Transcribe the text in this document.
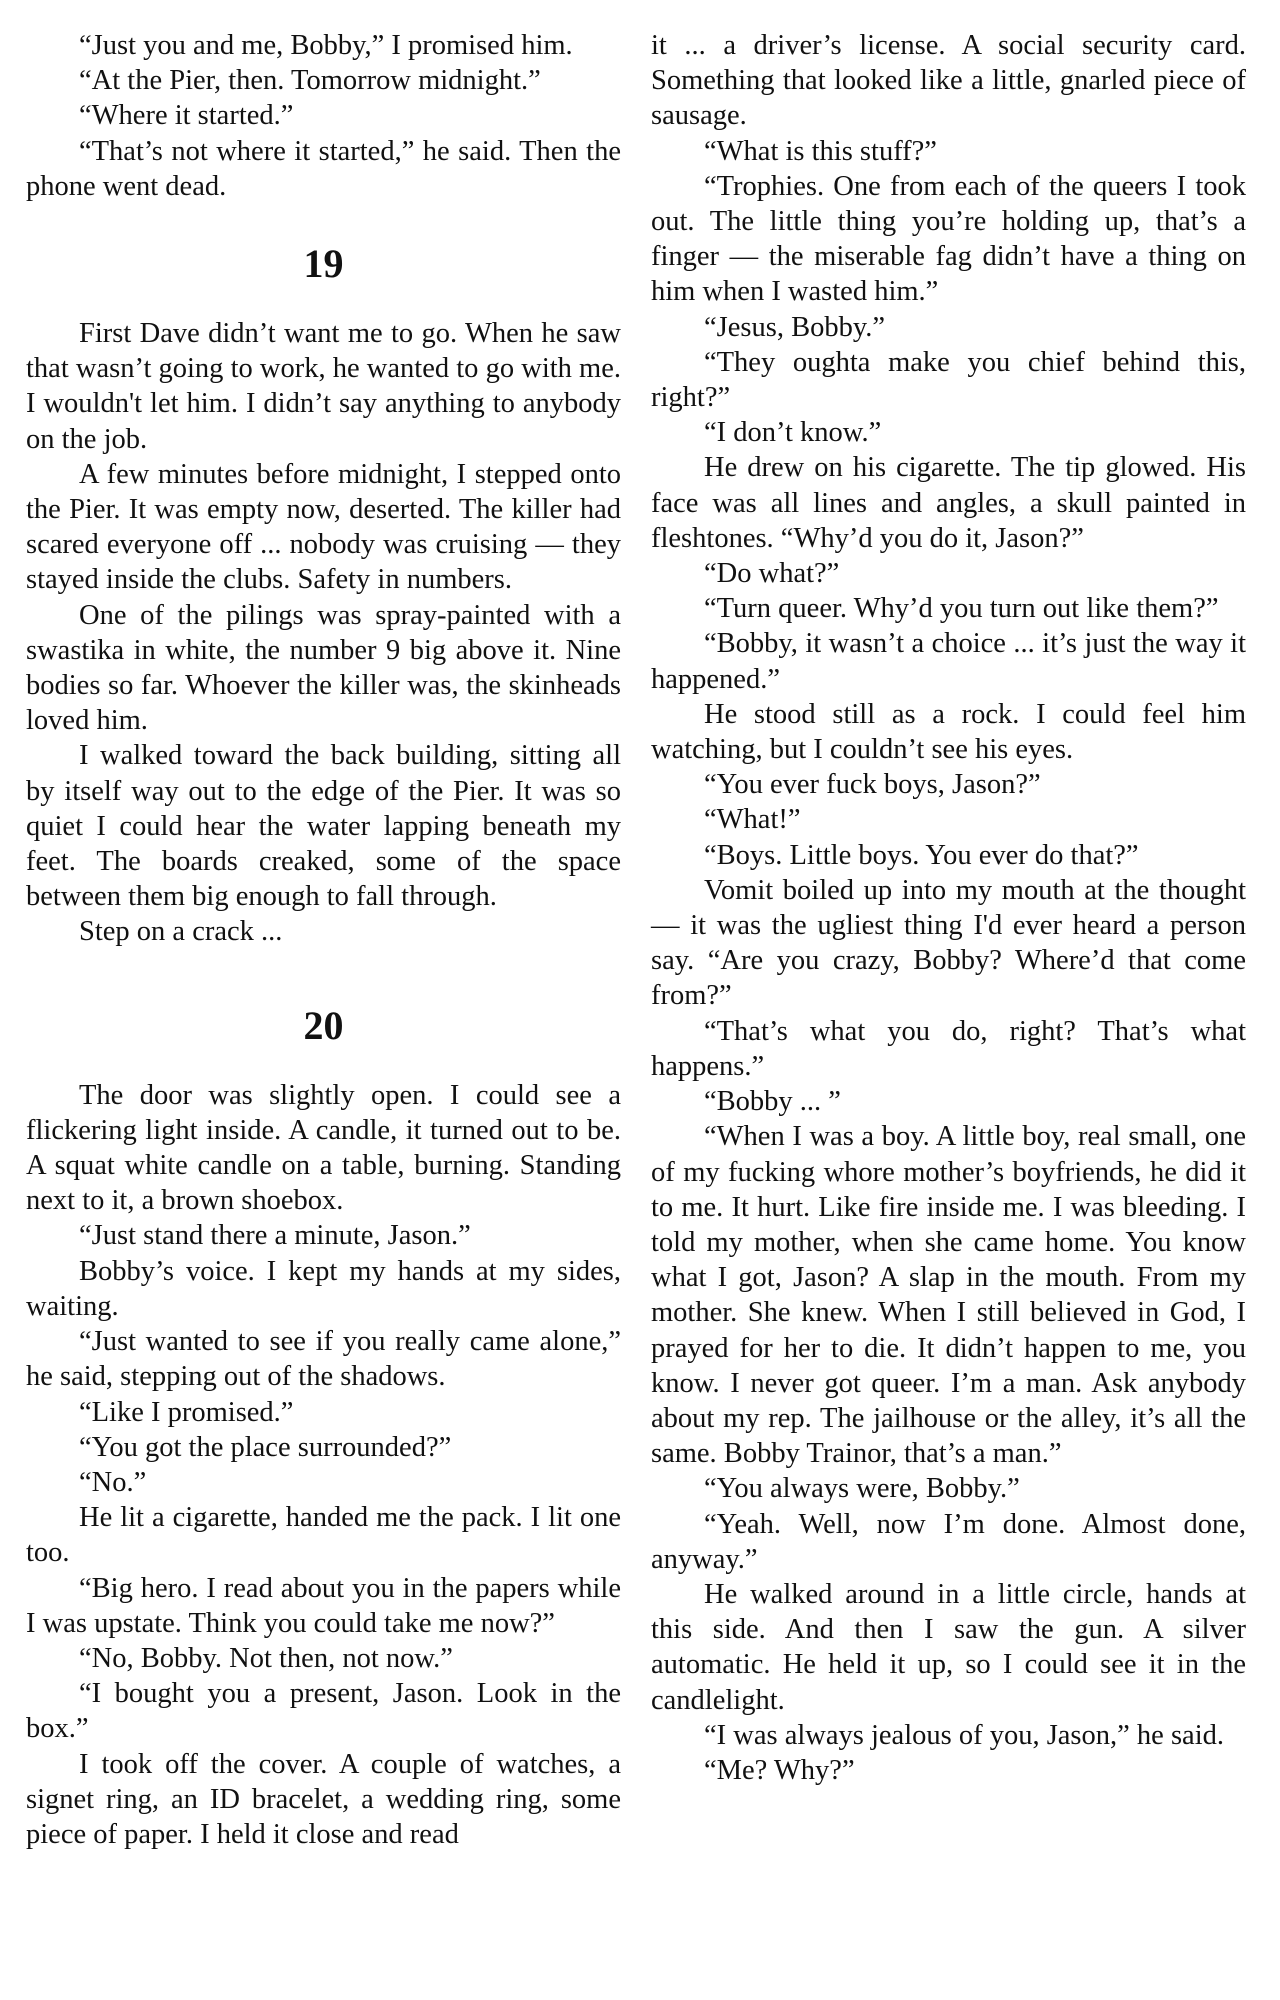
“Just you and me, Bobby,” I promised him.

“At the Pier, then. Tomorrow midnight.”

“Where it started.”

“That’s not where it started,” he said. Then the phone went dead.

19

First Dave didn’t want me to go. When he saw that wasn’t going to work, he wanted to go with me. I wouldn't let him. I didn’t say anything to anybody on the job.

A few minutes before midnight, I stepped onto the Pier. It was empty now, deserted. The killer had scared everyone off ... nobody was cruising — they stayed inside the clubs. Safety in numbers.

One of the pilings was spray-painted with a swastika in white, the number 9 big above it. Nine bodies so far. Whoever the killer was, the skinheads loved him.

I walked toward the back building, sitting all by itself way out to the edge of the Pier. It was so quiet I could hear the water lapping beneath my feet. The boards creaked, some of the space between them big enough to fall through.

Step on a crack ...

20

The door was slightly open. I could see a flickering light inside. A candle, it turned out to be. A squat white candle on a table, burning. Standing next to it, a brown shoebox.

“Just stand there a minute, Jason.”

Bobby’s voice. I kept my hands at my sides, waiting.

“Just wanted to see if you really came alone,” he said, stepping out of the shadows.

“Like I promised.”

“You got the place surrounded?”

“No.”

He lit a cigarette, handed me the pack. I lit one too.

“Big hero. I read about you in the papers while I was upstate. Think you could take me now?”

“No, Bobby. Not then, not now.”

“I bought you a present, Jason. Look in the box.”

I took off the cover. A couple of watches, a signet ring, an ID bracelet, a wedding ring, some piece of paper. I held it close and read

it ... a driver’s license. A social security card. Something that looked like a little, gnarled piece of sausage.

“What is this stuff?”

“Trophies. One from each of the queers I took out. The little thing you’re holding up, that’s a finger — the miserable fag didn’t have a thing on him when I wasted him.”

“Jesus, Bobby.”

“They oughta make you chief behind this, right?”

“I don’t know.”

He drew on his cigarette. The tip glowed. His face was all lines and angles, a skull painted in fleshtones. “Why’d you do it, Jason?”

“Do what?”

“Turn queer. Why’d you turn out like them?”

“Bobby, it wasn’t a choice ... it’s just the way it happened.”

He stood still as a rock. I could feel him watching, but I couldn’t see his eyes.

“You ever fuck boys, Jason?”

“What!”

“Boys. Little boys. You ever do that?”

Vomit boiled up into my mouth at the thought — it was the ugliest thing I'd ever heard a person say. “Are you crazy, Bobby? Where’d that come from?”

“That’s what you do, right? That’s what happens.”

“Bobby ... ”

“When I was a boy. A little boy, real small, one of my fucking whore mother’s boyfriends, he did it to me. It hurt. Like fire inside me. I was bleeding. I told my mother, when she came home. You know what I got, Jason? A slap in the mouth. From my mother. She knew. When I still believed in God, I prayed for her to die. It didn’t happen to me, you know. I never got queer. I’m a man. Ask anybody about my rep. The jailhouse or the alley, it’s all the same. Bobby Trainor, that’s a man.”

“You always were, Bobby.”

“Yeah. Well, now I’m done. Almost done, anyway.”

He walked around in a little circle, hands at this side. And then I saw the gun. A silver automatic. He held it up, so I could see it in the candlelight.

“I was always jealous of you, Jason,” he said.

“Me? Why?”
